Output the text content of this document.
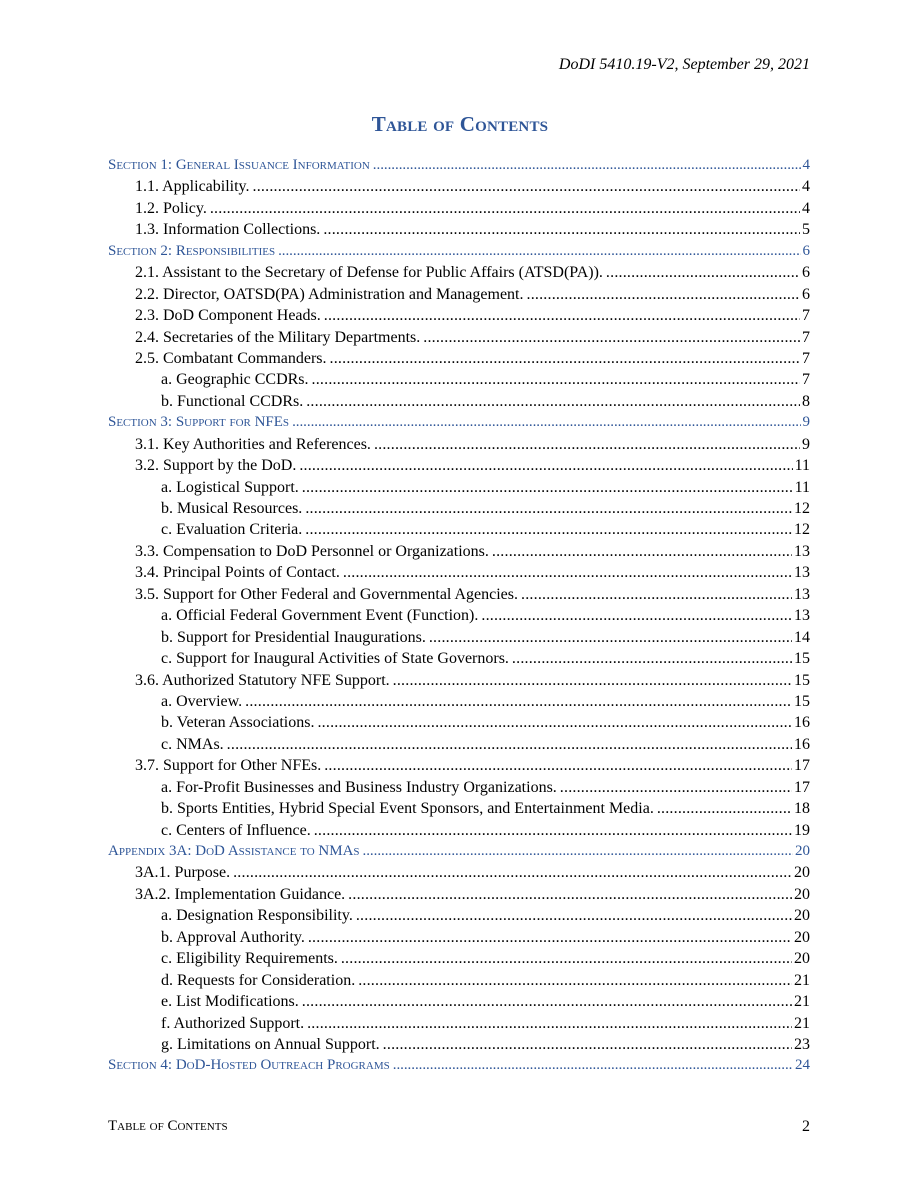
DoDI 5410.19-V2, September 29, 2021
Table of Contents
Section 1: General Issuance Information . . .	4
1.1. Applicability. . . .	4
1.2. Policy. . . .	4
1.3. Information Collections. . . .	5
Section 2: Responsibilities . . .	6
2.1. Assistant to the Secretary of Defense for Public Affairs (ATSD(PA)). . . .	6
2.2. Director, OATSD(PA) Administration and Management. . . .	6
2.3. DoD Component Heads. . . .	7
2.4. Secretaries of the Military Departments. . . .	7
2.5. Combatant Commanders. . . .	7
a. Geographic CCDRs. . . .	7
b. Functional CCDRs. . . .	8
Section 3: Support for NFEs . . .	9
3.1. Key Authorities and References. . . .	9
3.2. Support by the DoD. . . .	11
a. Logistical Support. . . .	11
b. Musical Resources. . . .	12
c. Evaluation Criteria. . . .	12
3.3. Compensation to DoD Personnel or Organizations. . . .	13
3.4. Principal Points of Contact. . . .	13
3.5. Support for Other Federal and Governmental Agencies. . . .	13
a. Official Federal Government Event (Function). . . .	13
b. Support for Presidential Inaugurations. . . .	14
c. Support for Inaugural Activities of State Governors. . . .	15
3.6. Authorized Statutory NFE Support. . . .	15
a. Overview. . . .	15
b. Veteran Associations. . . .	16
c. NMAs. . . .	16
3.7. Support for Other NFEs. . . .	17
a. For-Profit Businesses and Business Industry Organizations. . . .	17
b. Sports Entities, Hybrid Special Event Sponsors, and Entertainment Media. . . .	18
c. Centers of Influence. . . .	19
Appendix 3A: DoD Assistance to NMAs . . .	20
3A.1. Purpose. . . .	20
3A.2. Implementation Guidance. . . .	20
a. Designation Responsibility. . . .	20
b. Approval Authority. . . .	20
c. Eligibility Requirements. . . .	20
d. Requests for Consideration. . . .	21
e. List Modifications. . . .	21
f. Authorized Support. . . .	21
g. Limitations on Annual Support. . . .	23
Section 4: DoD-Hosted Outreach Programs . . .	24
Table of Contents	2
